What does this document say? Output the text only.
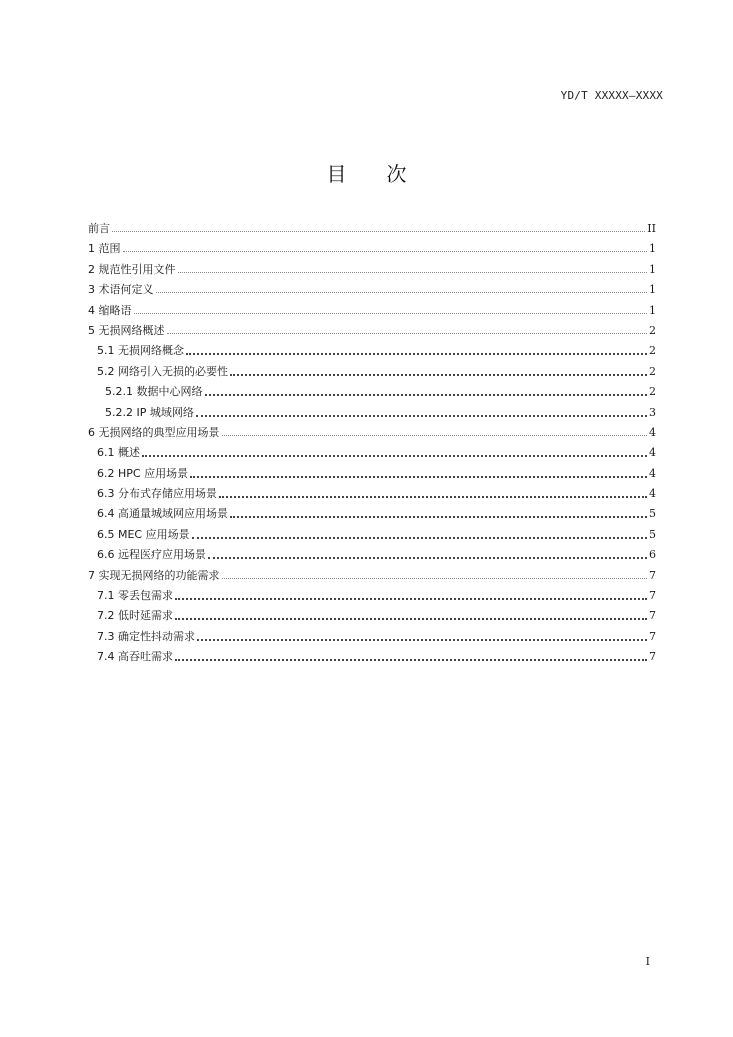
YD/T XXXXX—XXXX
目 次
前言	II
1 范围	1
2 规范性引用文件	1
3 术语何定义	1
4 缩略语	1
5 无损网络概述	2
5.1 无损网络概念	2
5.2 网络引入无损的必要性	2
5.2.1 数据中心网络	2
5.2.2 IP 城域网络	3
6 无损网络的典型应用场景	4
6.1 概述	4
6.2 HPC 应用场景	4
6.3 分布式存储应用场景	4
6.4 高通量城域网应用场景	5
6.5 MEC 应用场景	5
6.6 远程医疗应用场景	6
7 实现无损网络的功能需求	7
7.1 零丢包需求	7
7.2 低时延需求	7
7.3 确定性抖动需求	7
7.4 高吞吐需求	7
I
